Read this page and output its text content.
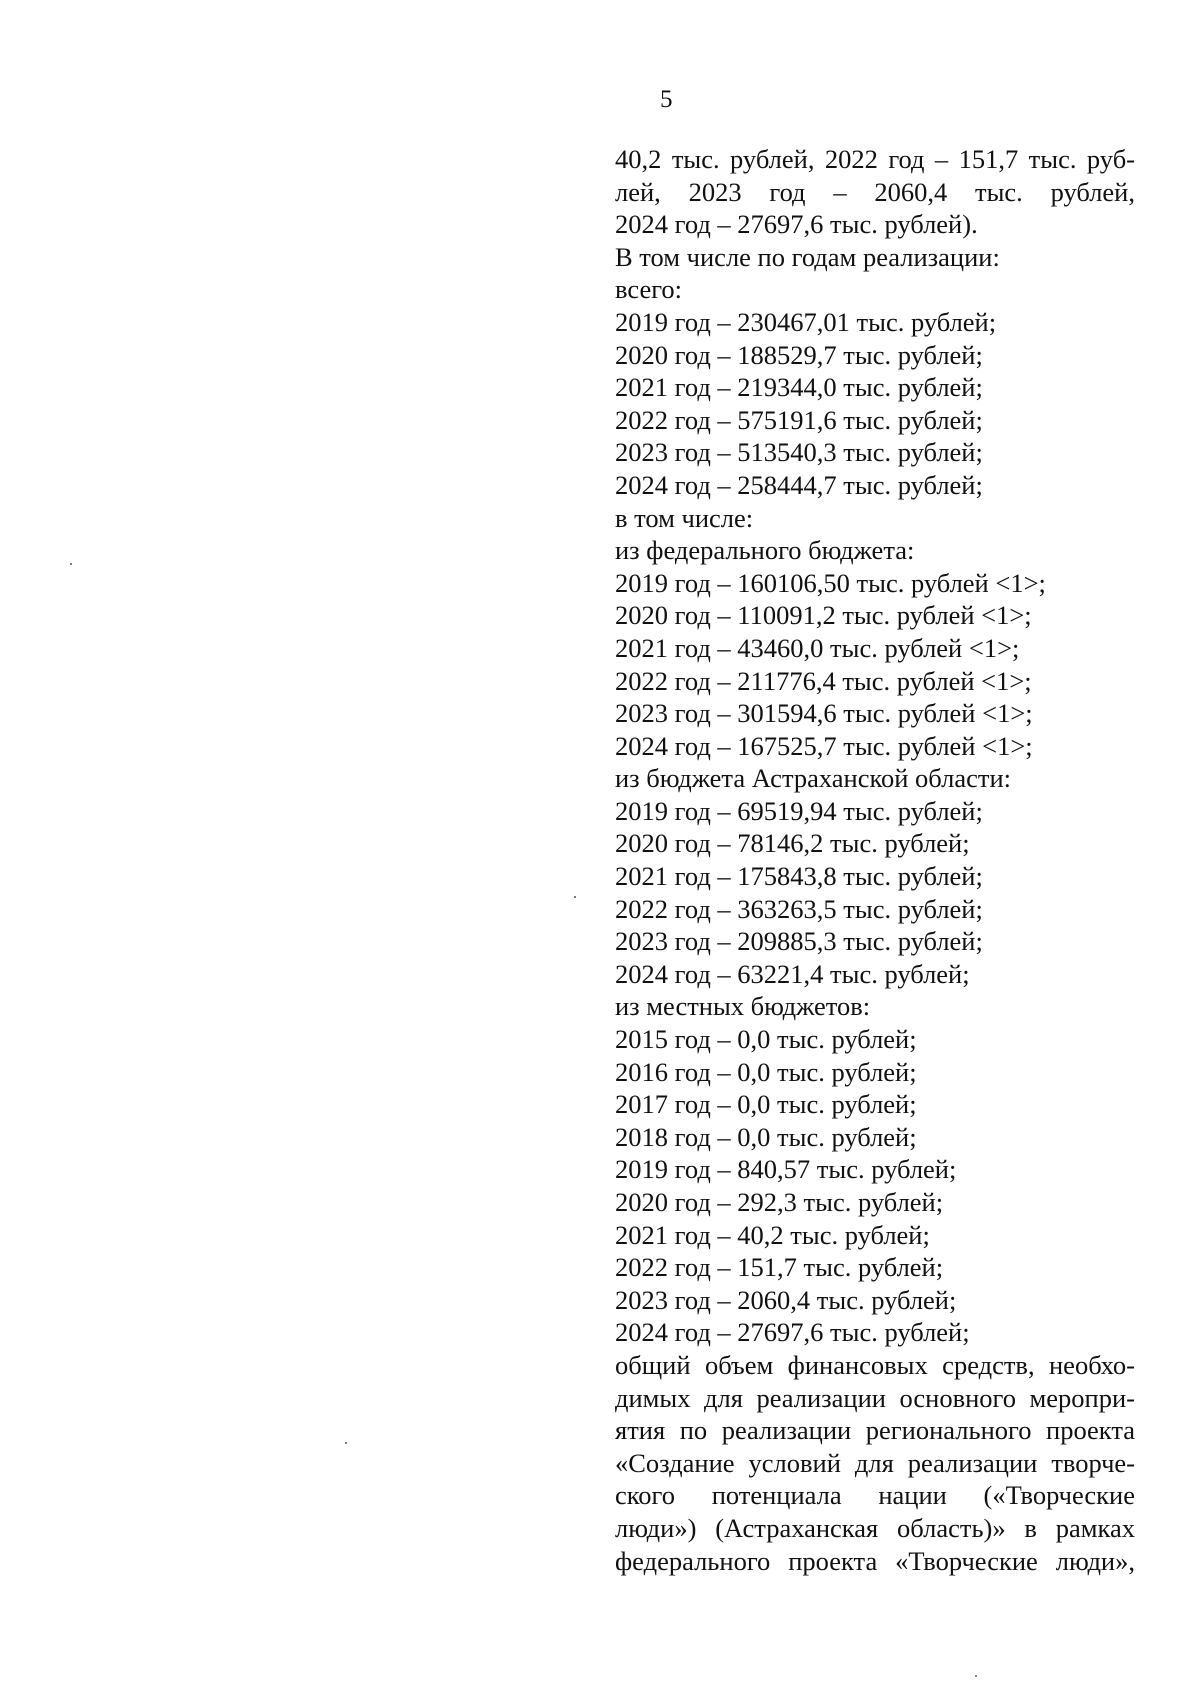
5
40,2 тыс. рублей, 2022 год – 151,7 тыс. руб-
лей, 2023 год – 2060,4 тыс. рублей,
2024 год – 27697,6 тыс. рублей).
В том числе по годам реализации:
всего:
2019 год – 230467,01 тыс. рублей;
2020 год – 188529,7 тыс. рублей;
2021 год – 219344,0 тыс. рублей;
2022 год – 575191,6 тыс. рублей;
2023 год – 513540,3 тыс. рублей;
2024 год – 258444,7 тыс. рублей;
в том числе:
из федерального бюджета:
2019 год – 160106,50 тыс. рублей <1>;
2020 год – 110091,2 тыс. рублей <1>;
2021 год – 43460,0 тыс. рублей <1>;
2022 год – 211776,4 тыс. рублей <1>;
2023 год – 301594,6 тыс. рублей <1>;
2024 год – 167525,7 тыс. рублей <1>;
из бюджета Астраханской области:
2019 год – 69519,94 тыс. рублей;
2020 год – 78146,2 тыс. рублей;
2021 год – 175843,8 тыс. рублей;
2022 год – 363263,5 тыс. рублей;
2023 год – 209885,3 тыс. рублей;
2024 год – 63221,4 тыс. рублей;
из местных бюджетов:
2015 год – 0,0 тыс. рублей;
2016 год – 0,0 тыс. рублей;
2017 год – 0,0 тыс. рублей;
2018 год – 0,0 тыс. рублей;
2019 год – 840,57 тыс. рублей;
2020 год – 292,3 тыс. рублей;
2021 год – 40,2 тыс. рублей;
2022 год – 151,7 тыс. рублей;
2023 год – 2060,4 тыс. рублей;
2024 год – 27697,6 тыс. рублей;
общий объем финансовых средств, необхо-
димых для реализации основного меропри-
ятия по реализации регионального проекта
«Создание условий для реализации творче-
ского потенциала нации («Творческие
люди») (Астраханская область)» в рамках
федерального проекта «Творческие люди»,
